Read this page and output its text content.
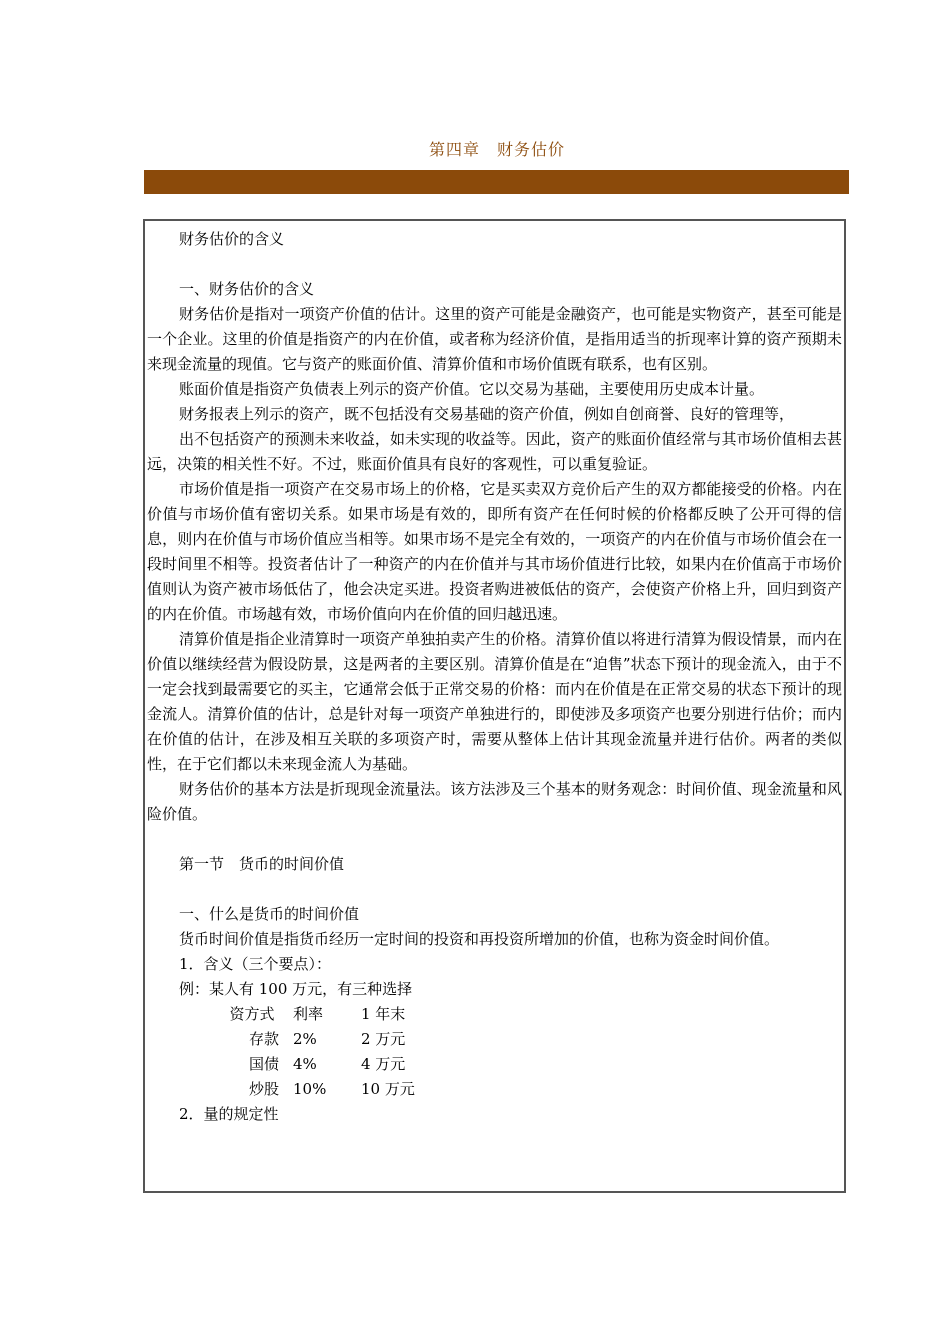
第四章　财务估价

财务估价的含义

一、财务估价的含义

财务估价是指对一项资产价值的估计。这里的资产可能是金融资产，也可能是实物资产，甚至可能是一个企业。这里的价值是指资产的内在价值，或者称为经济价值，是指用适当的折现率计算的资产预期未来现金流量的现值。它与资产的账面价值、清算价值和市场价值既有联系，也有区别。

账面价值是指资产负债表上列示的资产价值。它以交易为基础，主要使用历史成本计量。

财务报表上列示的资产，既不包括没有交易基础的资产价值，例如自创商誉、良好的管理等，

出不包括资产的预测未来收益，如未实现的收益等。因此，资产的账面价值经常与其市场价值相去甚远，决策的相关性不好。不过，账面价值具有良好的客观性，可以重复验证。

市场价值是指一项资产在交易市场上的价格，它是买卖双方竞价后产生的双方都能接受的价格。内在价值与市场价值有密切关系。如果市场是有效的，即所有资产在任何时候的价格都反映了公开可得的信息，则内在价值与市场价值应当相等。如果市场不是完全有效的，一项资产的内在价值与市场价值会在一段时间里不相等。投资者估计了一种资产的内在价值并与其市场价值进行比较，如果内在价值高于市场价值则认为资产被市场低估了，他会决定买进。投资者购进被低估的资产，会使资产价格上升，回归到资产的内在价值。市场越有效，市场价值向内在价值的回归越迅速。

清算价值是指企业清算时一项资产单独拍卖产生的价格。清算价值以将进行清算为假设情景，而内在价值以继续经营为假设防景，这是两者的主要区别。清算价值是在“迫售”状态下预计的现金流入，由于不一定会找到最需要它的买主，它通常会低于正常交易的价格：而内在价值是在正常交易的状态下预计的现金流人。清算价值的估计，总是针对每一项资产单独进行的，即使涉及多项资产也要分别进行估价；而内在价值的估计，在涉及相互关联的多项资产时，需要从整体上估计其现金流量并进行估价。两者的类似性，在于它们都以未来现金流人为基础。

财务估价的基本方法是折现现金流量法。该方法涉及三个基本的财务观念：时间价值、现金流量和风险价值。

第一节　货币的时间价值

一、什么是货币的时间价值

货币时间价值是指货币经历一定时间的投资和再投资所增加的价值，也称为资金时间价值。

1．含义（三个要点）：

例：某人有 100 万元，有三种选择

资方式	利率	1 年末
存款	2%	2 万元
国债	4%	4 万元
炒股	10%	10 万元

2．量的规定性
